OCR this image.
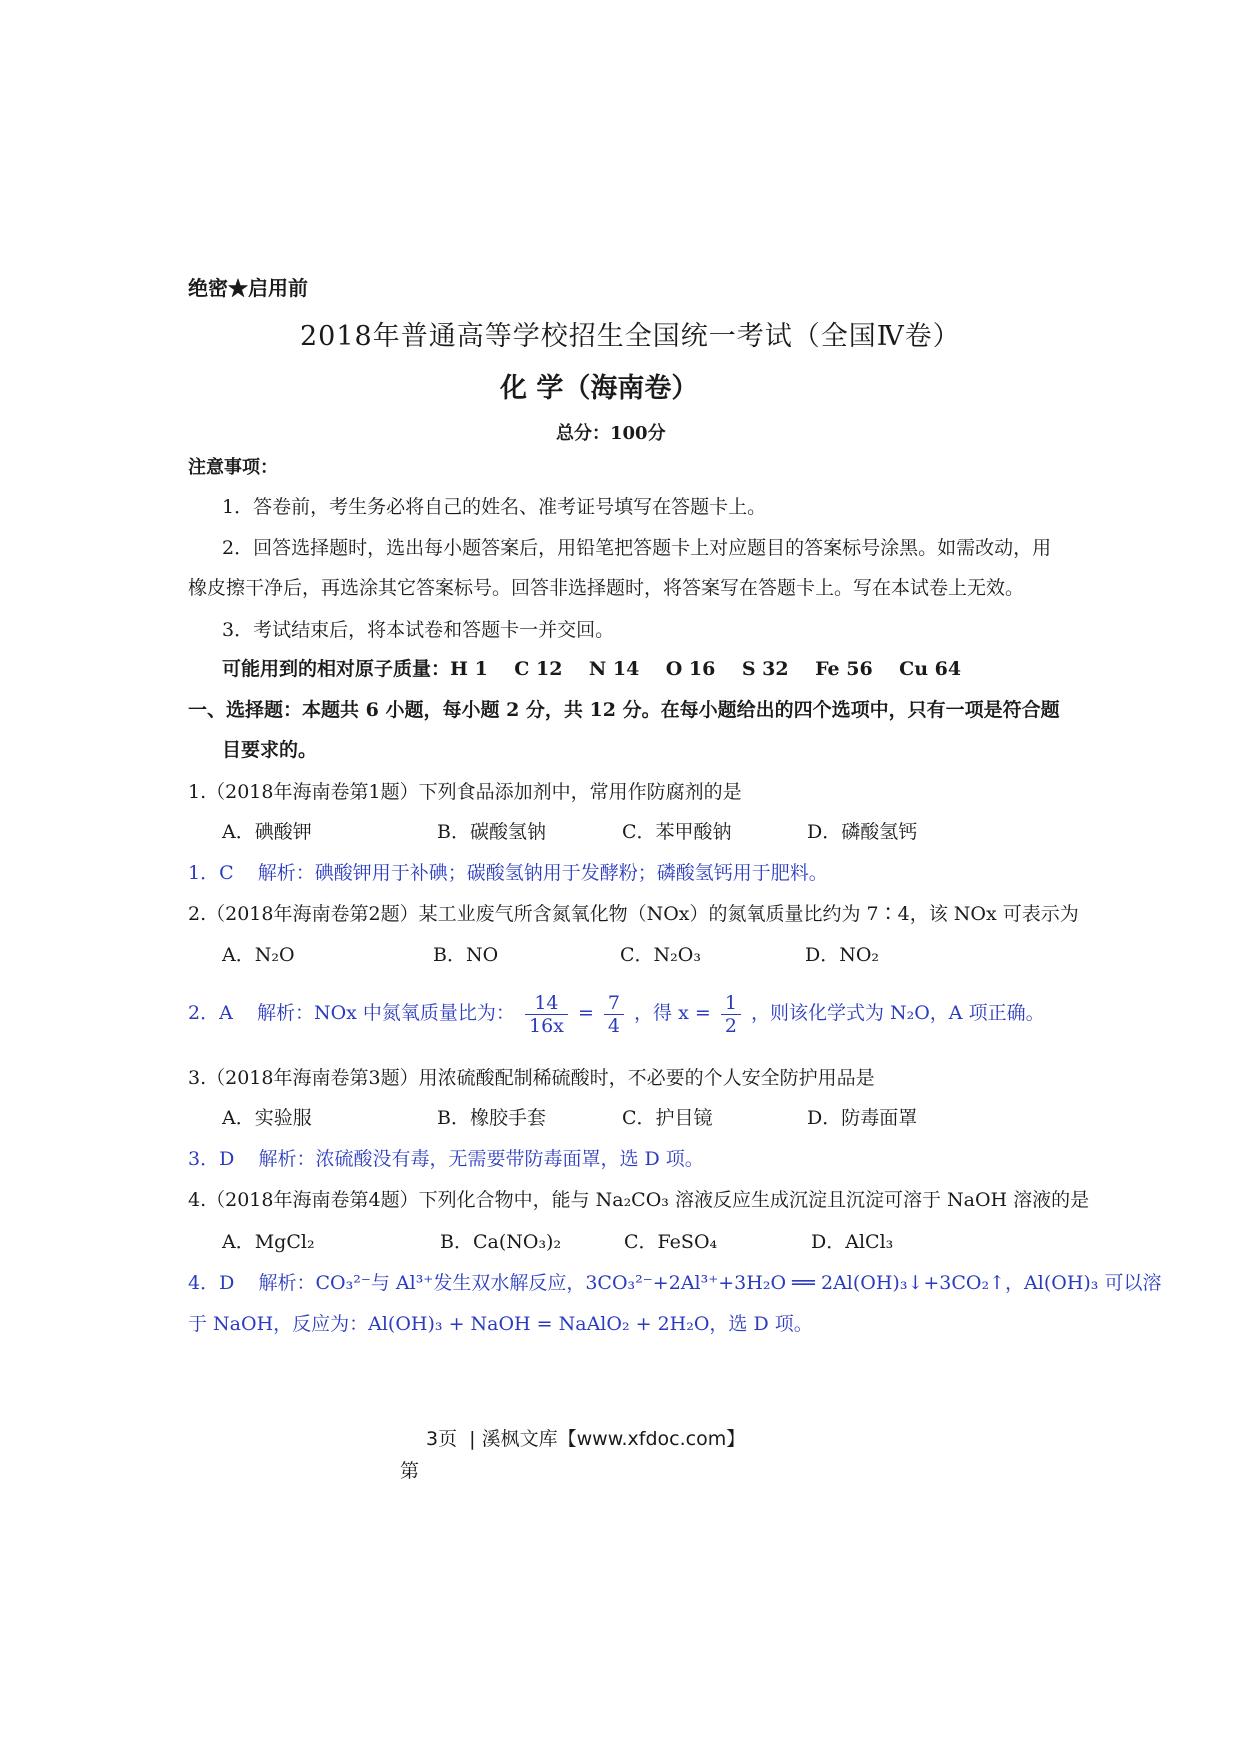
绝密★启用前
2018年普通高等学校招生全国统一考试（全国Ⅳ卷）
化 学（海南卷）
总分：100分
注意事项：
1．答卷前，考生务必将自己的姓名、准考证号填写在答题卡上。
2．回答选择题时，选出每小题答案后，用铅笔把答题卡上对应题目的答案标号涂黑。如需改动，用
橡皮擦干净后，再选涂其它答案标号。回答非选择题时，将答案写在答题卡上。写在本试卷上无效。
3．考试结束后，将本试卷和答题卡一并交回。
可能用到的相对原子质量：H 1    C 12    N 14    O 16    S 32    Fe 56    Cu 64
一、选择题：本题共 6 小题，每小题 2 分，共 12 分。在每小题给出的四个选项中，只有一项是符合题
目要求的。
1.（2018年海南卷第1题）下列食品添加剂中，常用作防腐剂的是
A．碘酸钾	B．碳酸氢钠	C．苯甲酸钠	D．磷酸氢钙
1．C    解析：碘酸钾用于补碘；碳酸氢钠用于发酵粉；磷酸氢钙用于肥料。
2.（2018年海南卷第2题）某工业废气所含氮氧化物（NOx）的氮氧质量比约为 7∶4，该 NOx 可表示为
A．N₂O	B．NO	C．N₂O₃	D．NO₂
2．A    解析：NOx 中氮氧质量比为： $\frac{14}{16x} = \frac{7}{4}$ ，得 $x = \frac{1}{2}$ ，则该化学式为 N₂O，A 项正确。
3.（2018年海南卷第3题）用浓硫酸配制稀硫酸时，不必要的个人安全防护用品是
A．实验服	B．橡胶手套	C．护目镜	D．防毒面罩
3．D    解析：浓硫酸没有毒，无需要带防毒面罩，选 D 项。
4.（2018年海南卷第4题）下列化合物中，能与 Na₂CO₃ 溶液反应生成沉淀且沉淀可溶于 NaOH 溶液的是
A．MgCl₂	B．Ca(NO₃)₂	C．FeSO₄	D．AlCl₃
4．D    解析：CO₃²⁻与 Al³⁺发生双水解反应，3CO₃²⁻+2Al³⁺+3H₂O ══ 2Al(OH)₃↓+3CO₂↑，Al(OH)₃ 可以溶
于 NaOH，反应为：Al(OH)₃ + NaOH = NaAlO₂ + 2H₂O，选 D 项。
3页  | 溪枫文库【www.xfdoc.com】
第
